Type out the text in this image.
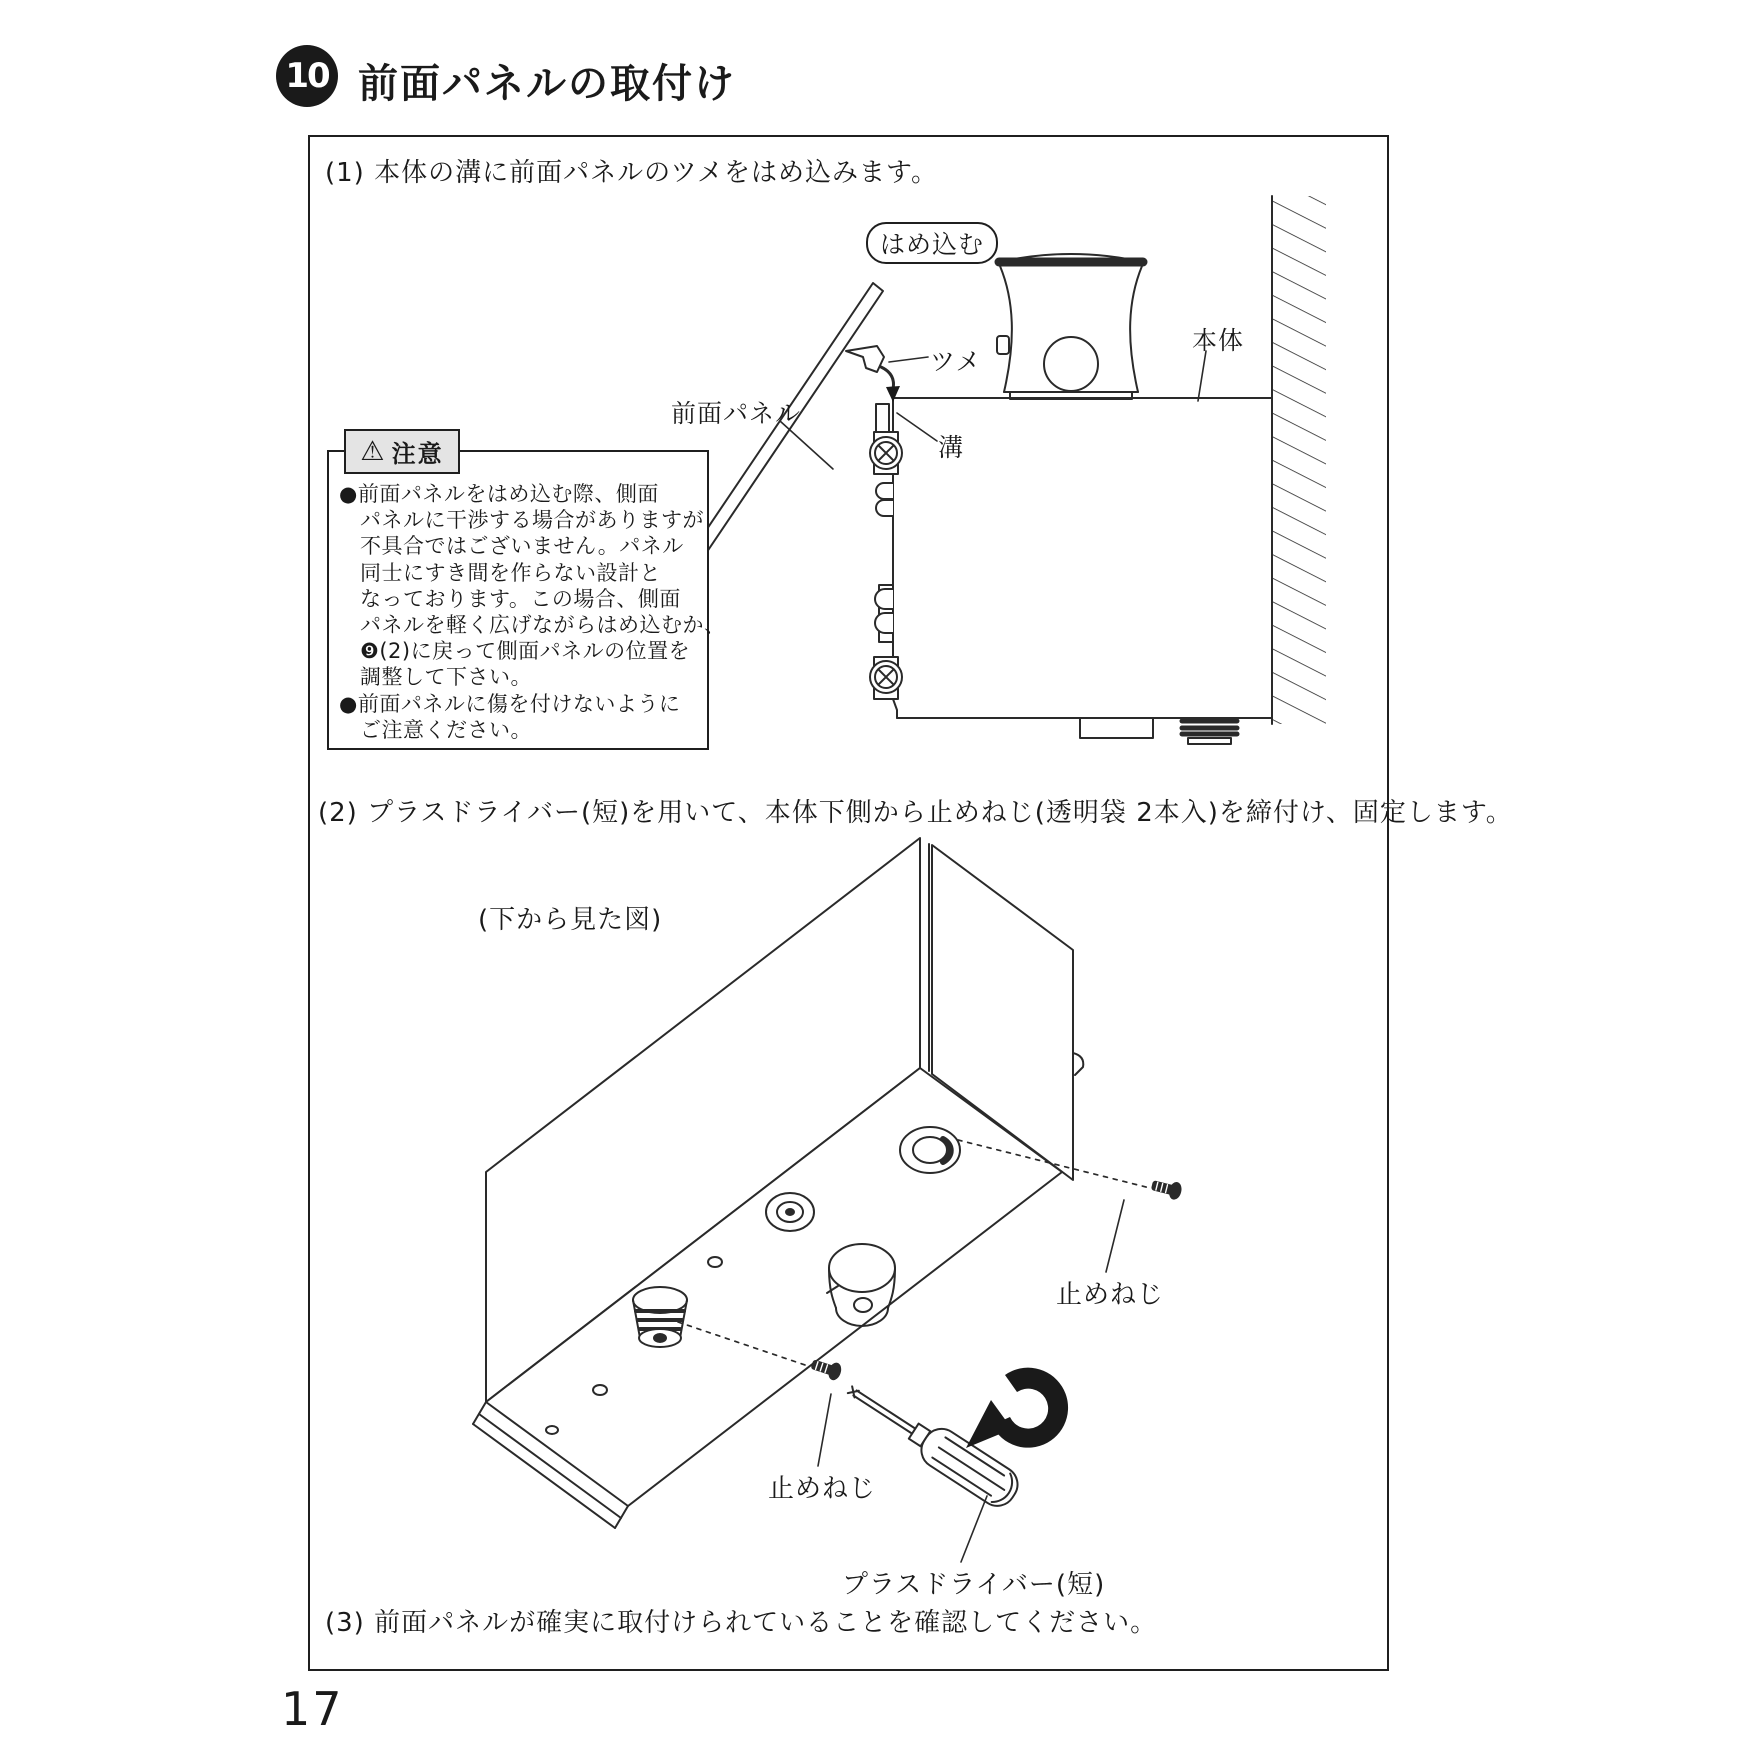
10 前面パネルの取付け
(1) 本体の溝に前面パネルのツメをはめ込みます。
(2) プラスドライバー(短)を用いて、本体下側から止めねじ(透明袋 2本入)を締付け、固定します。
(3) 前面パネルが確実に取付けられていることを確認してください。
はめ込む
ツメ
前面パネル
本体
溝
⚠ 注意
●前面パネルをはめ込む際、側面
パネルに干渉する場合がありますが
不具合ではございません。パネル
同士にすき間を作らない設計と
なっております。この場合、側面
パネルを軽く広げながらはめ込むか、
❾(2)に戻って側面パネルの位置を
調整して下さい。
●前面パネルに傷を付けないように
ご注意ください。
(下から見た図)
止めねじ
止めねじ
プラスドライバー(短)
17
